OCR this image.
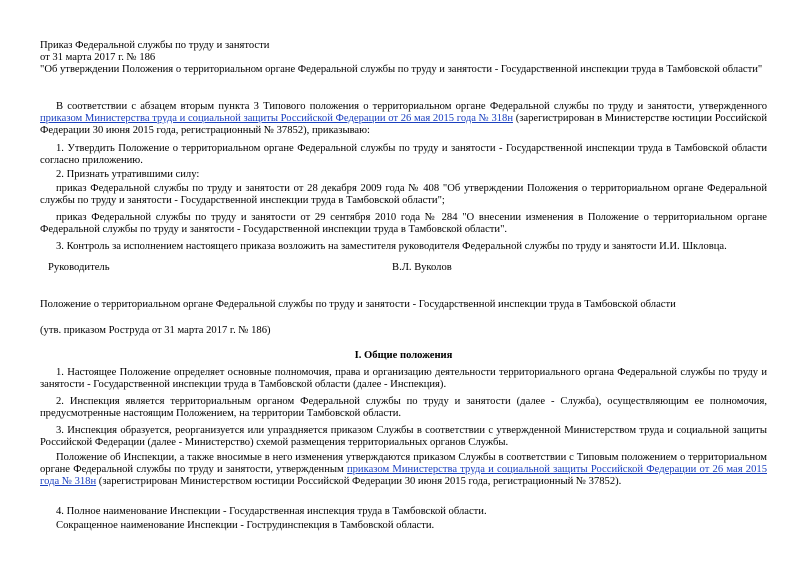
Приказ Федеральной службы по труду и занятости

от 31 марта 2017 г. № 186

"Об утверждении Положения о территориальном органе Федеральной службы по труду и занятости - Государственной инспекции труда в Тамбовской области"

В соответствии с абзацем вторым пункта 3 Типового положения о территориальном органе Федеральной службы по труду и занятости, утвержденного приказом Министерства труда и социальной защиты Российской Федерации от 26 мая 2015 года № 318н (зарегистрирован в Министерстве юстиции Российской Федерации 30 июня 2015 года, регистрационный № 37852), приказываю:

1. Утвердить Положение о территориальном органе Федеральной службы по труду и занятости - Государственной инспекции труда в Тамбовской области согласно приложению.

2. Признать утратившими силу:

приказ Федеральной службы по труду и занятости от 28 декабря 2009 года № 408 "Об утверждении Положения о территориальном органе Федеральной службы по труду и занятости - Государственной инспекции труда в Тамбовской области";

приказ Федеральной службы по труду и занятости от 29 сентября 2010 года № 284 "О внесении изменения в Положение о территориальном органе Федеральной службы по труду и занятости - Государственной инспекции труда в Тамбовской области".

3. Контроль за исполнением настоящего приказа возложить на заместителя руководителя Федеральной службы по труду и занятости И.И. Шкловца.

Руководитель	В.Л. Вуколов

Положение о территориальном органе Федеральной службы по труду и занятости - Государственной инспекции труда в Тамбовской области

(утв. приказом Роструда от 31 марта 2017 г. № 186)

I. Общие положения

1. Настоящее Положение определяет основные полномочия, права и организацию деятельности территориального органа Федеральной службы по труду и занятости - Государственной инспекции труда в Тамбовской области (далее - Инспекция).

2. Инспекция является территориальным органом Федеральной службы по труду и занятости (далее - Служба), осуществляющим ее полномочия, предусмотренные настоящим Положением, на территории Тамбовской области.

3. Инспекция образуется, реорганизуется или упраздняется приказом Службы в соответствии с утвержденной Министерством труда и социальной защиты Российской Федерации (далее - Министерство) схемой размещения территориальных органов Службы.

Положение об Инспекции, а также вносимые в него изменения утверждаются приказом Службы в соответствии с Типовым положением о территориальном органе Федеральной службы по труду и занятости, утвержденным приказом Министерства труда и социальной защиты Российской Федерации от 26 мая 2015 года № 318н (зарегистрирован Министерством юстиции Российской Федерации 30 июня 2015 года, регистрационный № 37852).

4. Полное наименование Инспекции - Государственная инспекция труда в Тамбовской области.

Сокращенное наименование Инспекции - Гострудинспекция в Тамбовской области.
